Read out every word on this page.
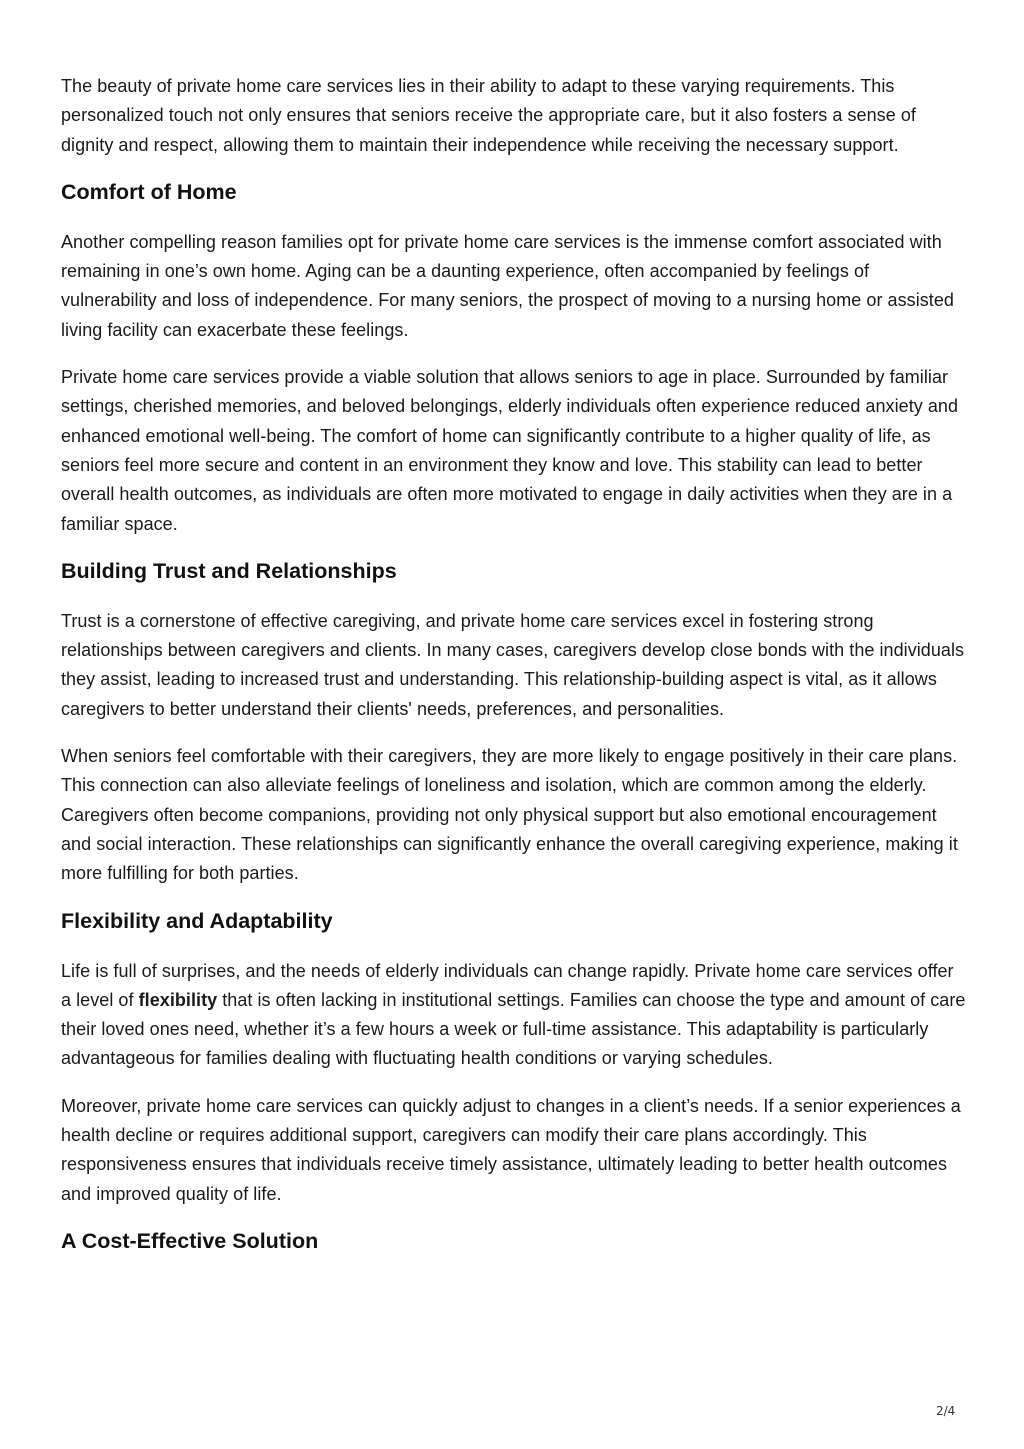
The beauty of private home care services lies in their ability to adapt to these varying requirements. This personalized touch not only ensures that seniors receive the appropriate care, but it also fosters a sense of dignity and respect, allowing them to maintain their independence while receiving the necessary support.

Comfort of Home

Another compelling reason families opt for private home care services is the immense comfort associated with remaining in one’s own home. Aging can be a daunting experience, often accompanied by feelings of vulnerability and loss of independence. For many seniors, the prospect of moving to a nursing home or assisted living facility can exacerbate these feelings.

Private home care services provide a viable solution that allows seniors to age in place. Surrounded by familiar settings, cherished memories, and beloved belongings, elderly individuals often experience reduced anxiety and enhanced emotional well-being. The comfort of home can significantly contribute to a higher quality of life, as seniors feel more secure and content in an environment they know and love. This stability can lead to better overall health outcomes, as individuals are often more motivated to engage in daily activities when they are in a familiar space.

Building Trust and Relationships

Trust is a cornerstone of effective caregiving, and private home care services excel in fostering strong relationships between caregivers and clients. In many cases, caregivers develop close bonds with the individuals they assist, leading to increased trust and understanding. This relationship-building aspect is vital, as it allows caregivers to better understand their clients' needs, preferences, and personalities.

When seniors feel comfortable with their caregivers, they are more likely to engage positively in their care plans. This connection can also alleviate feelings of loneliness and isolation, which are common among the elderly. Caregivers often become companions, providing not only physical support but also emotional encouragement and social interaction. These relationships can significantly enhance the overall caregiving experience, making it more fulfilling for both parties.

Flexibility and Adaptability

Life is full of surprises, and the needs of elderly individuals can change rapidly. Private home care services offer a level of flexibility that is often lacking in institutional settings. Families can choose the type and amount of care their loved ones need, whether it’s a few hours a week or full-time assistance. This adaptability is particularly advantageous for families dealing with fluctuating health conditions or varying schedules.

Moreover, private home care services can quickly adjust to changes in a client’s needs. If a senior experiences a health decline or requires additional support, caregivers can modify their care plans accordingly. This responsiveness ensures that individuals receive timely assistance, ultimately leading to better health outcomes and improved quality of life.

A Cost-Effective Solution
2/4
